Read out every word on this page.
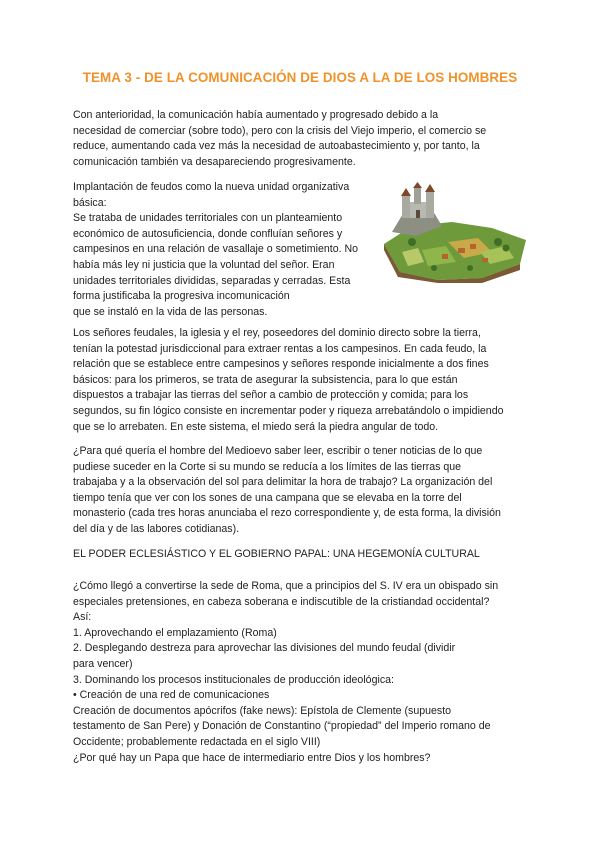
TEMA 3 - DE LA COMUNICACIÓN DE DIOS A LA DE LOS HOMBRES
Con anterioridad, la comunicación había aumentado y progresado debido a la
necesidad de comerciar (sobre todo), pero con la crisis del Viejo imperio, el comercio se
reduce, aumentando cada vez más la necesidad de autoabastecimiento y, por tanto, la
comunicación también va desapareciendo progresivamente.
Implantación de feudos como la nueva unidad organizativa
básica:
Se trataba de unidades territoriales con un planteamiento
económico de autosuficiencia, donde confluían señores y
campesinos en una relación de vasallaje o sometimiento. No
había más ley ni justicia que la voluntad del señor. Eran
unidades territoriales divididas, separadas y cerradas. Esta
forma justificaba la progresiva incomunicación
que se instaló en la vida de las personas.
Los señores feudales, la iglesia y el rey, poseedores del dominio directo sobre la tierra,
tenían la potestad jurisdiccional para extraer rentas a los campesinos. En cada feudo, la
relación que se establece entre campesinos y señores responde inicialmente a dos fines
básicos: para los primeros, se trata de asegurar la subsistencia, para lo que están
dispuestos a trabajar las tierras del señor a cambio de protección y comida; para los
segundos, su fin lógico consiste en incrementar poder y riqueza arrebatándolo o impidiendo
que se lo arrebaten. En este sistema, el miedo será la piedra angular de todo.
¿Para qué quería el hombre del Medioevo saber leer, escribir o tener noticias de lo que
pudiese suceder en la Corte si su mundo se reducía a los límites de las tierras que
trabajaba y a la observación del sol para delimitar la hora de trabajo? La organización del
tiempo tenía que ver con los sones de una campana que se elevaba en la torre del
monasterio (cada tres horas anunciaba el rezo correspondiente y, de esta forma, la división
del día y de las labores cotidianas).
EL PODER ECLESIÁSTICO Y EL GOBIERNO PAPAL: UNA HEGEMONÍA CULTURAL
¿Cómo llegó a convertirse la sede de Roma, que a principios del S. IV era un obispado sin
especiales pretensiones, en cabeza soberana e indiscutible de la cristiandad occidental?
Así:
1. Aprovechando el emplazamiento (Roma)
2. Desplegando destreza para aprovechar las divisiones del mundo feudal (dividir
para vencer)
3. Dominando los procesos institucionales de producción ideológica:
• Creación de una red de comunicaciones
Creación de documentos apócrifos (fake news): Epístola de Clemente (supuesto
testamento de San Pere) y Donación de Constantino (“propiedad” del Imperio romano de
Occidente; probablemente redactada en el siglo VIII)
¿Por qué hay un Papa que hace de intermediario entre Dios y los hombres?
